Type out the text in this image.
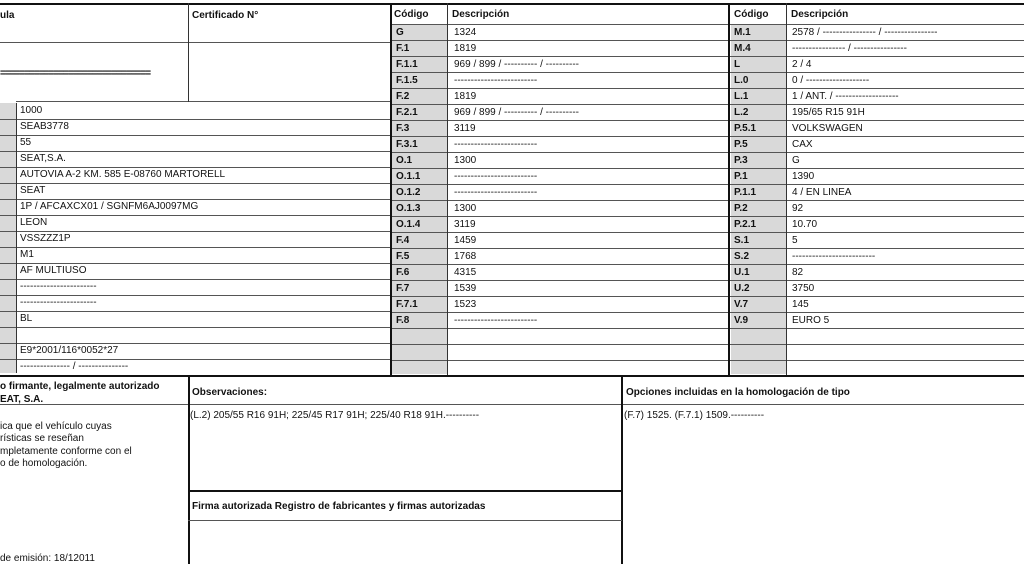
ula	Certificado N°
===============================
1000
SEAB3778
55
SEAT,S.A.
AUTOVIA A-2 KM. 585 E-08760 MARTORELL
SEAT
1P / AFCAXCX01 / SGNFM6AJ0097MG
LEON
VSSZZZ1P
M1
AF MULTIUSO
-----------------------
-----------------------
BL
E9*2001/116*0052*27
--------------- / ---------------
Código Descripción
G	1324
F.1	1819
F.1.1	969 / 899 / ---------- / ----------
F.1.5	-------------------------
F.2	1819
F.2.1	969 / 899 / ---------- / ----------
F.3	3119
F.3.1	-------------------------
O.1	1300
O.1.1	-------------------------
O.1.2	-------------------------
O.1.3	1300
O.1.4	3119
F.4	1459
F.5	1768
F.6	4315
F.7	1539
F.7.1	1523
F.8	-------------------------
Código Descripción
M.1	2578 / ---------------- / ----------------
M.4	---------------- / ----------------
L	2 / 4
L.0	0 / -------------------
L.1	1 / ANT. / -------------------
L.2	195/65 R15 91H
P.5.1	VOLKSWAGEN
P.5	CAX
P.3	G
P.1	1390
P.1.1	4 / EN LINEA
P.2	92
P.2.1	10.70
S.1	5
S.2	-------------------------
U.1	82
U.2	3750
V.7	145
V.9	EURO 5
o firmante, legalmente autorizado
EAT, S.A.
ica que el vehículo cuyas
rísticas se reseñan
mpletamente conforme con el
o de homologación.
de emisión: 18/12011
Observaciones:
(L.2) 205/55 R16 91H; 225/45 R17 91H; 225/40 R18 91H.----------
Firma autorizada Registro de fabricantes y firmas autorizadas
Opciones incluidas en la homologación de tipo
(F.7) 1525. (F.7.1) 1509.----------
